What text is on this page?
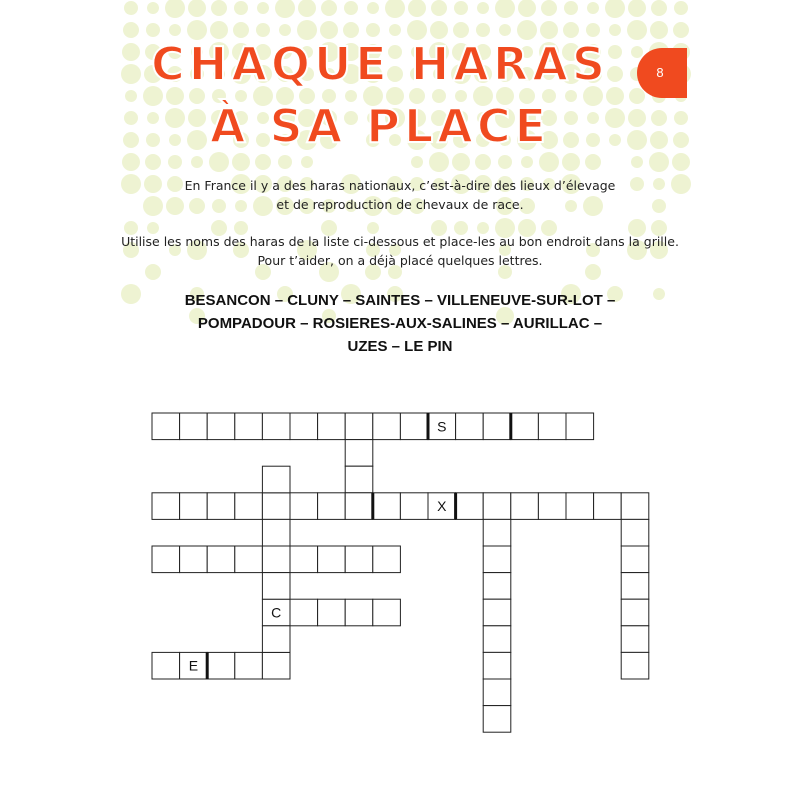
CHAQUE HARAS
À SA PLACE
8
En France il y a des haras nationaux, c’est-à-dire des lieux d’élevage
et de reproduction de chevaux de race.
Utilise les noms des haras de la liste ci-dessous et place-les au bon endroit dans la grille.
Pour t’aider, on a déjà placé quelques lettres.
BESANCON – CLUNY – SAINTES – VILLENEUVE-SUR-LOT –
POMPADOUR – ROSIERES-AUX-SALINES – AURILLAC –
UZES – LE PIN
S
X
C
E
